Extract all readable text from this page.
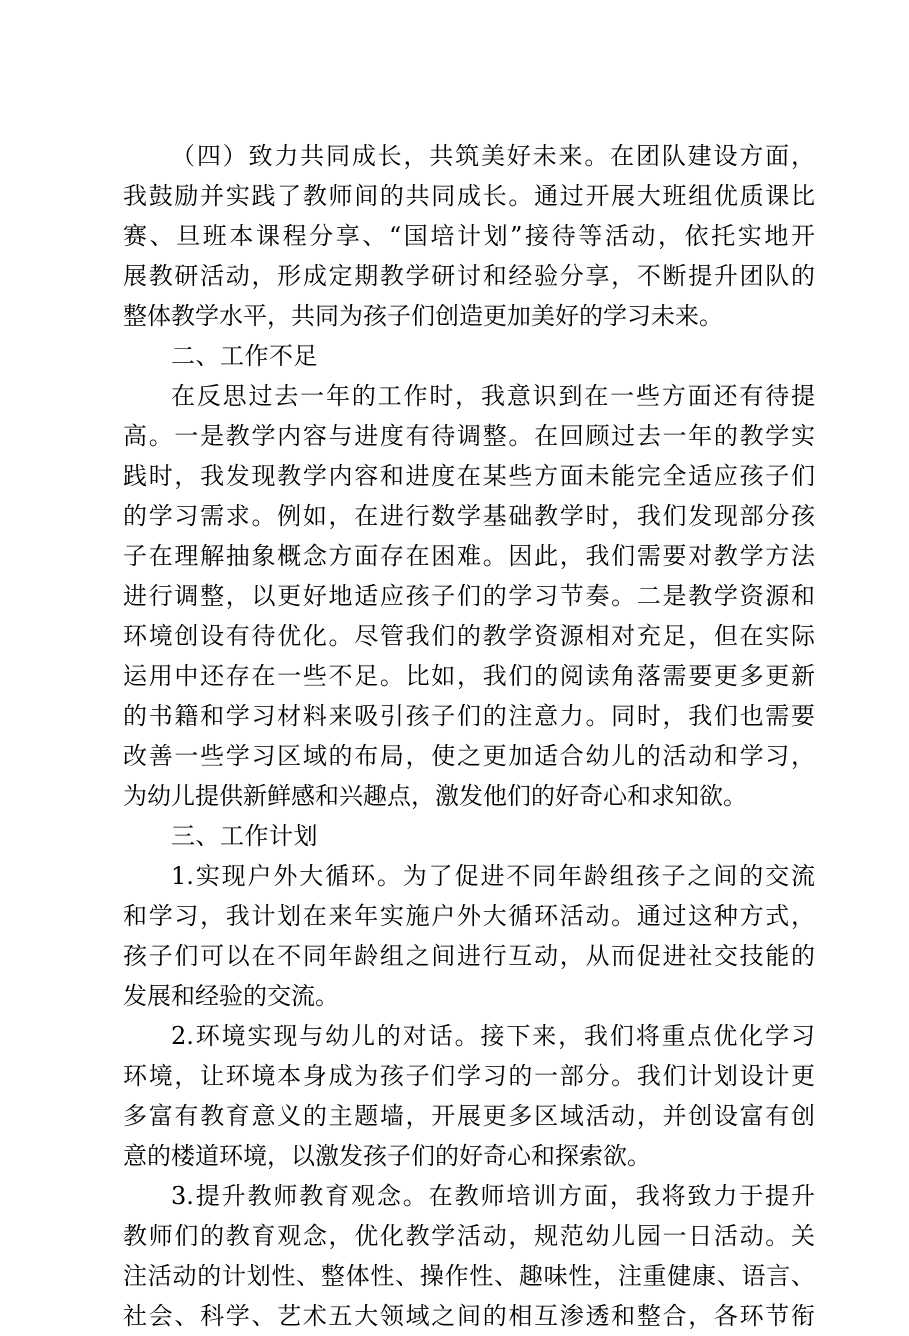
（四）致力共同成长，共筑美好未来。在团队建设方面，
我鼓励并实践了教师间的共同成长。通过开展大班组优质课比
赛、旦班本课程分享、“国培计划”接待等活动，依托实地开
展教研活动，形成定期教学研讨和经验分享，不断提升团队的
整体教学水平，共同为孩子们创造更加美好的学习未来。
二、工作不足
在反思过去一年的工作时，我意识到在一些方面还有待提
高。一是教学内容与进度有待调整。在回顾过去一年的教学实
践时，我发现教学内容和进度在某些方面未能完全适应孩子们
的学习需求。例如，在进行数学基础教学时，我们发现部分孩
子在理解抽象概念方面存在困难。因此，我们需要对教学方法
进行调整，以更好地适应孩子们的学习节奏。二是教学资源和
环境创设有待优化。尽管我们的教学资源相对充足，但在实际
运用中还存在一些不足。比如，我们的阅读角落需要更多更新
的书籍和学习材料来吸引孩子们的注意力。同时，我们也需要
改善一些学习区域的布局，使之更加适合幼儿的活动和学习，
为幼儿提供新鲜感和兴趣点，激发他们的好奇心和求知欲。
三、工作计划
1.实现户外大循环。为了促进不同年龄组孩子之间的交流
和学习，我计划在来年实施户外大循环活动。通过这种方式，
孩子们可以在不同年龄组之间进行互动，从而促进社交技能的
发展和经验的交流。
2.环境实现与幼儿的对话。接下来，我们将重点优化学习
环境，让环境本身成为孩子们学习的一部分。我们计划设计更
多富有教育意义的主题墙，开展更多区域活动，并创设富有创
意的楼道环境，以激发孩子们的好奇心和探索欲。
3.提升教师教育观念。在教师培训方面，我将致力于提升
教师们的教育观念，优化教学活动，规范幼儿园一日活动。关
注活动的计划性、整体性、操作性、趣味性，注重健康、语言、
社会、科学、艺术五大领域之间的相互渗透和整合，各环节衔
